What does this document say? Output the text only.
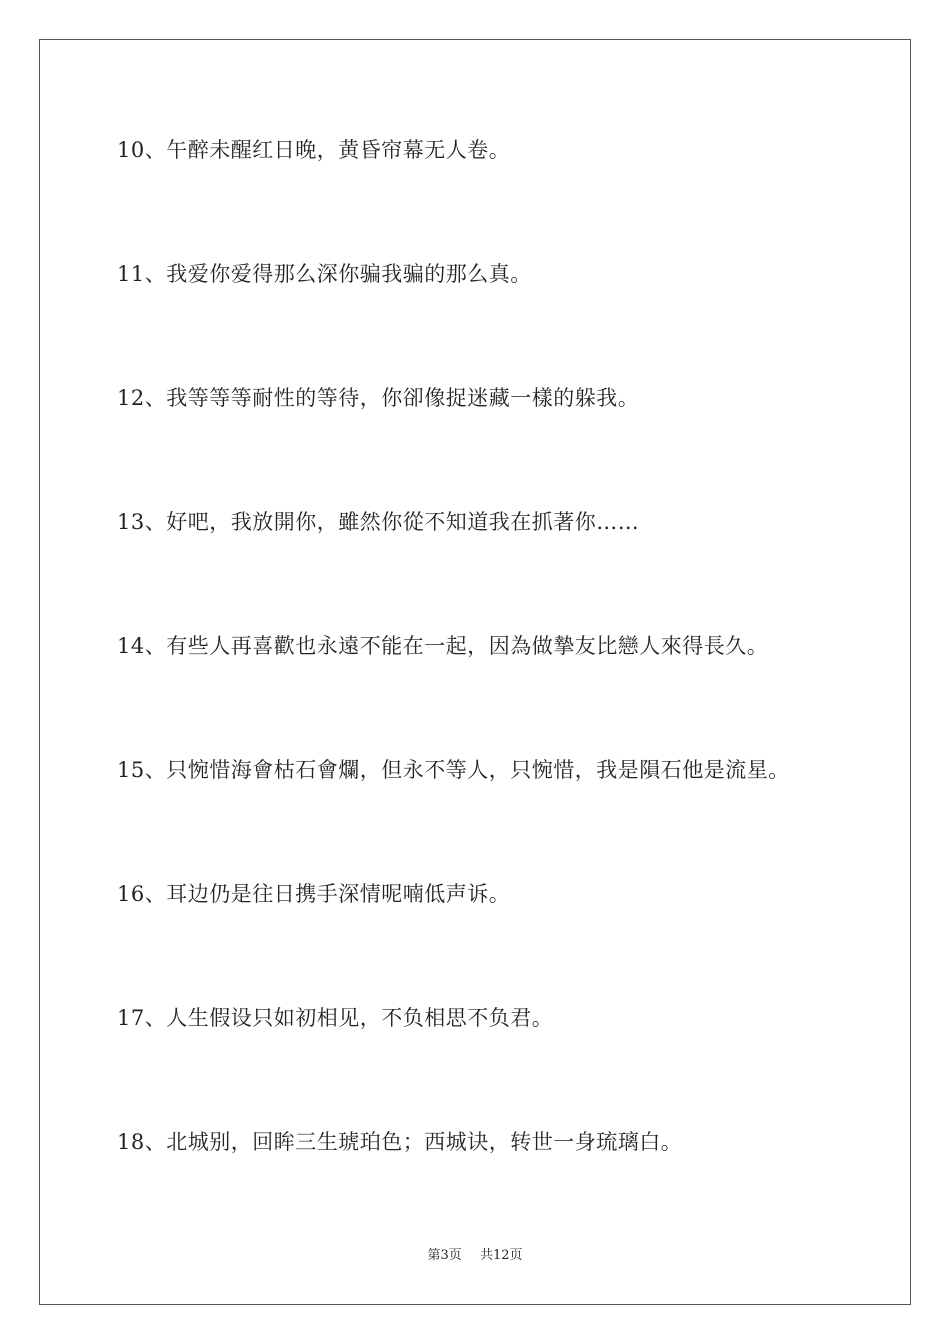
10、午醉未醒红日晚，黄昏帘幕无人卷。
11、我爱你爱得那么深你骗我骗的那么真。
12、我等等等耐性的等待，你卻像捉迷藏一樣的躲我。
13、好吧，我放開你，雖然你從不知道我在抓著你……
14、有些人再喜歡也永遠不能在一起，因為做摯友比戀人來得長久。
15、只惋惜海會枯石會爛，但永不等人，只惋惜，我是隕石他是流星。
16、耳边仍是往日携手深情呢喃低声诉。
17、人生假设只如初相见，不负相思不负君。
18、北城别，回眸三生琥珀色；西城诀，转世一身琉璃白。
第3页 共12页
